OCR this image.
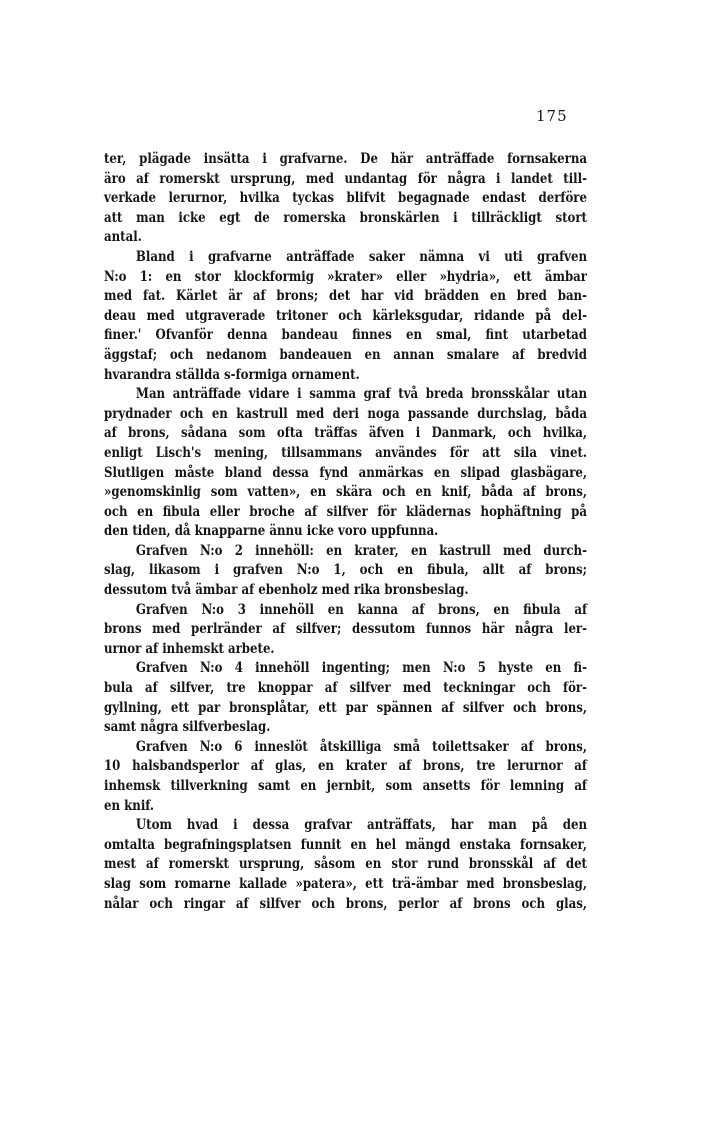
175
ter, plägade insätta i grafvarne. De här anträffade fornsakerna
äro af romerskt ursprung, med undantag för några i landet till-
verkade lerurnor, hvilka tyckas blifvit begagnade endast derföre
att man icke egt de romerska bronskärlen i tillräckligt stort
antal.
Bland i grafvarne anträffade saker nämna vi uti grafven
N:o 1: en stor klockformig »krater» eller »hydria», ett ämbar
med fat. Kärlet är af brons; det har vid brädden en bred ban-
deau med utgraverade tritoner och kärleksgudar, ridande på del-
finer.' Ofvanför denna bandeau finnes en smal, fint utarbetad
äggstaf; och nedanom bandeauen en annan smalare af bredvid
hvarandra ställda s-formiga ornament.
Man anträffade vidare i samma graf två breda bronsskålar utan
prydnader och en kastrull med deri noga passande durchslag, båda
af brons, sådana som ofta träffas äfven i Danmark, och hvilka,
enligt Lisch's mening, tillsammans användes för att sila vinet.
Slutligen måste bland dessa fynd anmärkas en slipad glasbägare,
»genomskinlig som vatten», en skära och en knif, båda af brons,
och en fibula eller broche af silfver för klädernas hophäftning på
den tiden, då knapparne ännu icke voro uppfunna.
Grafven N:o 2 innehöll: en krater, en kastrull med durch-
slag, likasom i grafven N:o 1, och en fibula, allt af brons;
dessutom två ämbar af ebenholz med rika bronsbeslag.
Grafven N:o 3 innehöll en kanna af brons, en fibula af
brons med perlränder af silfver; dessutom funnos här några ler-
urnor af inhemskt arbete.
Grafven N:o 4 innehöll ingenting; men N:o 5 hyste en fi-
bula af silfver, tre knoppar af silfver med teckningar och för-
gyllning, ett par bronsplåtar, ett par spännen af silfver och brons,
samt några silfverbeslag.
Grafven N:o 6 inneslöt åtskilliga små toilettsaker af brons,
10 halsbandsperlor af glas, en krater af brons, tre lerurnor af
inhemsk tillverkning samt en jernbit, som ansetts för lemning af
en knif.
Utom hvad i dessa grafvar anträffats, har man på den
omtalta begrafningsplatsen funnit en hel mängd enstaka fornsaker,
mest af romerskt ursprung, såsom en stor rund bronsskål af det
slag som romarne kallade »patera», ett trä-ämbar med bronsbeslag,
nålar och ringar af silfver och brons, perlor af brons och glas,
